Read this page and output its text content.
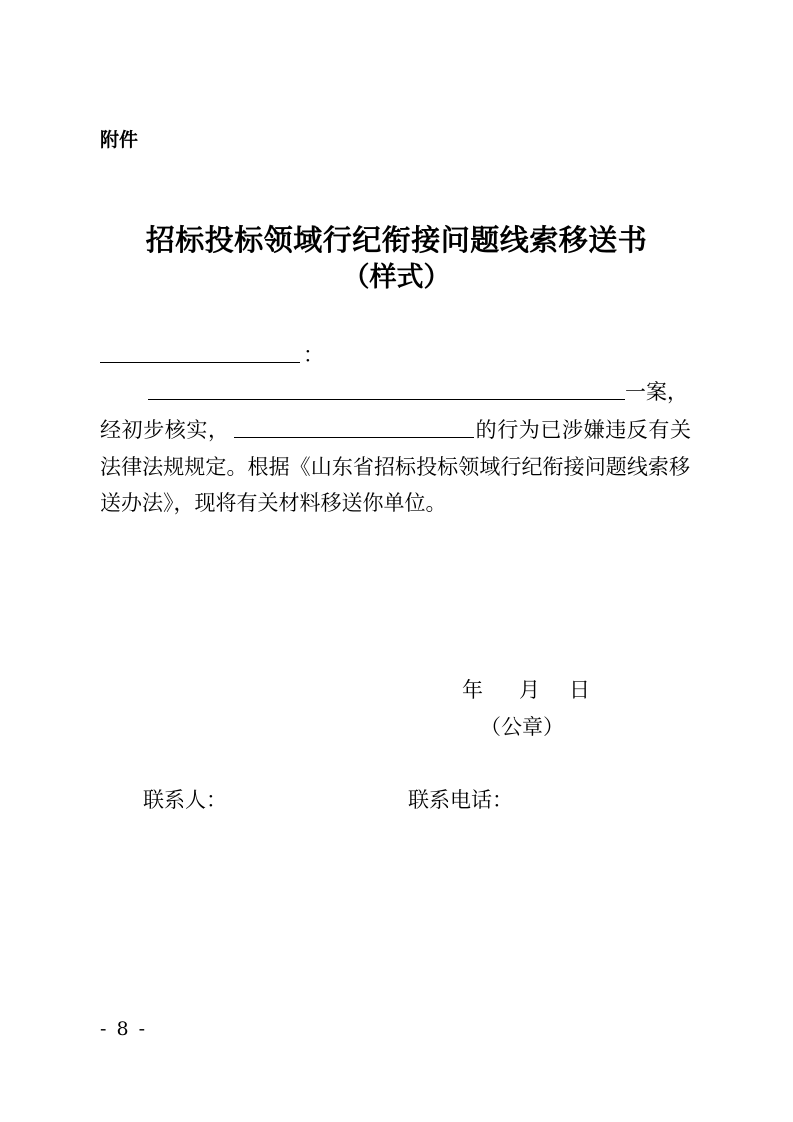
附件
招标投标领域行纪衔接问题线索移送书
（样式）
：
一案，
经初步核实，	的行为已涉嫌违反有关
法律法规规定。根据《山东省招标投标领域行纪衔接问题线索移
送办法》，现将有关材料移送你单位。
年 月 日
（公章）
联系人：	联系电话：
- 8 -
